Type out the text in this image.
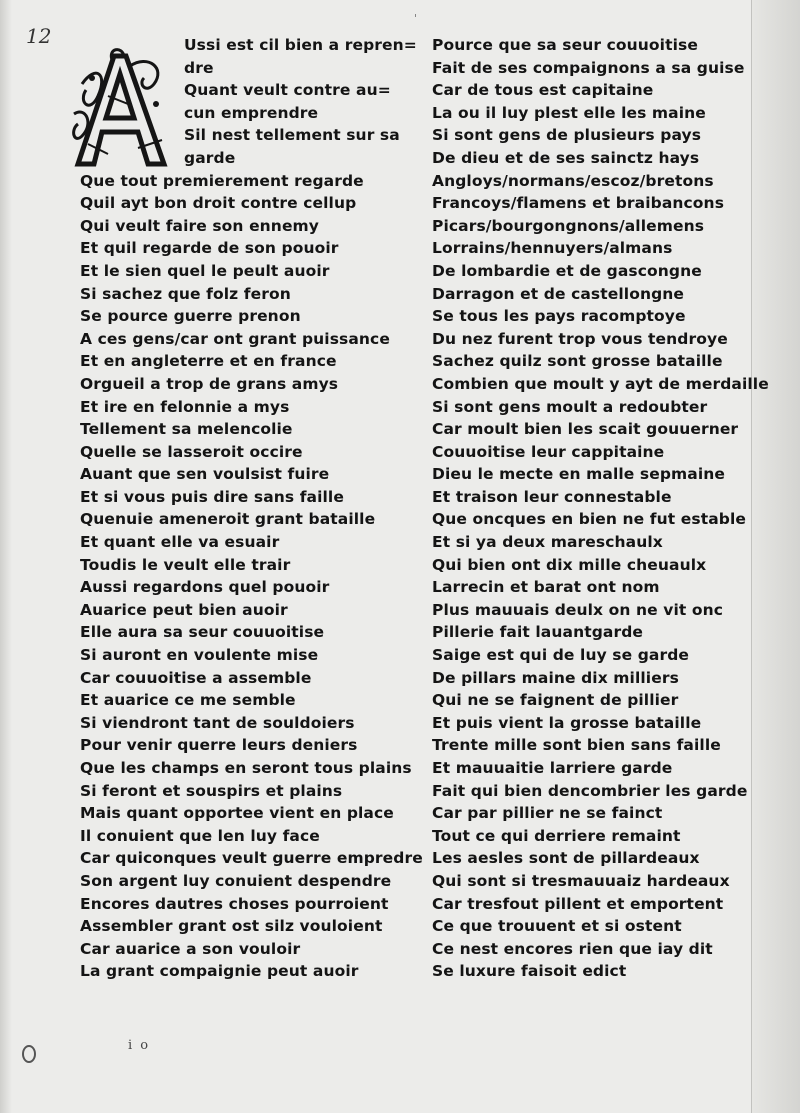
'
12
i o
Ussi est cil bien a repren=
dre
Quant veult contre au=
cun emprendre
Sil nest tellement sur sa
garde
Que tout premierement regarde
Quil ayt bon droit contre cellup
Qui veult faire son ennemy
Et quil regarde de son pouoir
Et le sien quel le peult auoir
Si sachez que folz feron
Se pource guerre prenon
A ces gens/car ont grant puissance
Et en angleterre et en france
Orgueil a trop de grans amys
Et ire en felonnie a mys
Tellement sa melencolie
Quelle se lasseroit occire
Auant que sen voulsist fuire
Et si vous puis dire sans faille
Quenuie ameneroit grant bataille
Et quant elle va esuair
Toudis le veult elle trair
Aussi regardons quel pouoir
Auarice peut bien auoir
Elle aura sa seur couuoitise
Si auront en voulente mise
Car couuoitise a assemble
Et auarice ce me semble
Si viendront tant de souldoiers
Pour venir querre leurs deniers
Que les champs en seront tous plains
Si feront et souspirs et plains
Mais quant opportee vient en place
Il conuient que len luy face
Car quiconques veult guerre empredre
Son argent luy conuient despendre
Encores dautres choses pourroient
Assembler grant ost silz vouloient
Car auarice a son vouloir
La grant compaignie peut auoir
Pource que sa seur couuoitise
Fait de ses compaignons a sa guise
Car de tous est capitaine
La ou il luy plest elle les maine
Si sont gens de plusieurs pays
De dieu et de ses sainctz hays
Angloys/normans/escoz/bretons
Francoys/flamens et braibancons
Picars/bourgongnons/allemens
Lorrains/hennuyers/almans
De lombardie et de gascongne
Darragon et de castellongne
Se tous les pays racomptoye
Du nez furent trop vous tendroye
Sachez quilz sont grosse bataille
Combien que moult y ayt de merdaille
Si sont gens moult a redoubter
Car moult bien les scait gouuerner
Couuoitise leur cappitaine
Dieu le mecte en malle sepmaine
Et traison leur connestable
Que oncques en bien ne fut estable
Et si ya deux mareschaulx
Qui bien ont dix mille cheuaulx
Larrecin et barat ont nom
Plus mauuais deulx on ne vit onc
Pillerie fait lauantgarde
Saige est qui de luy se garde
De pillars maine dix milliers
Qui ne se faignent de pillier
Et puis vient la grosse bataille
Trente mille sont bien sans faille
Et mauuaitie larriere garde
Fait qui bien dencombrier les garde
Car par pillier ne se fainct
Tout ce qui derriere remaint
Les aesles sont de pillardeaux
Qui sont si tresmauuaiz hardeaux
Car tresfout pillent et emportent
Ce que trouuent et si ostent
Ce nest encores rien que iay dit
Se luxure faisoit edict
